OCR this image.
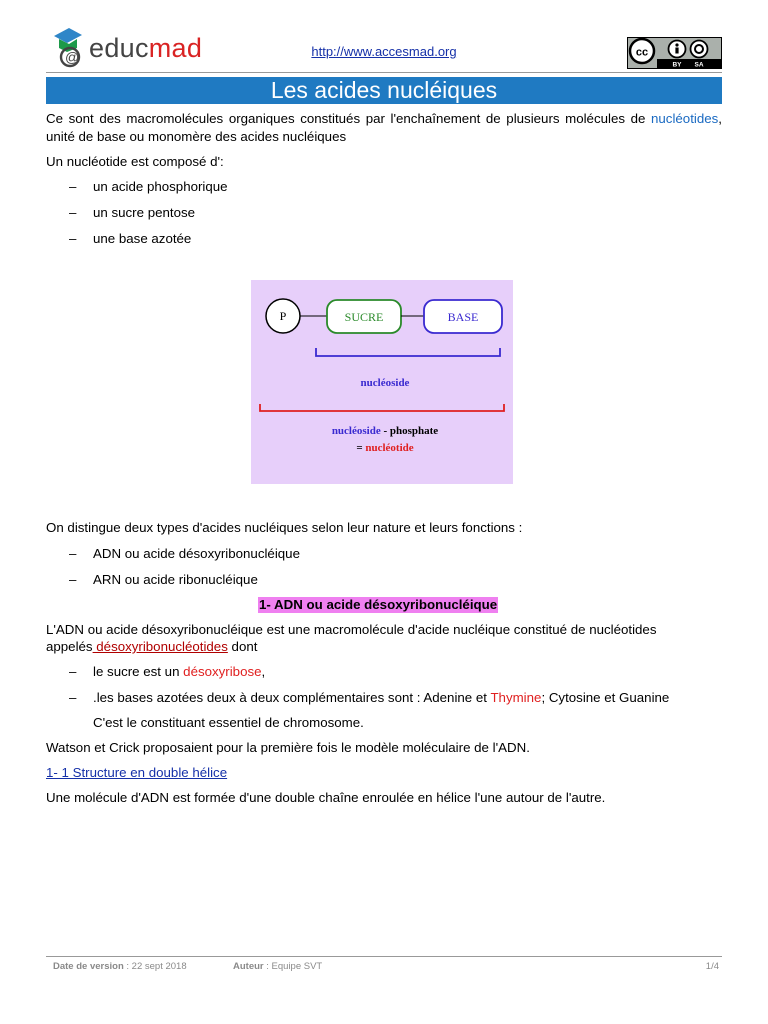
@ educmad	http://www.accesmad.org	cc
BY SA
Les acides nucléiques
Ce sont des macromolécules organiques constitués par l'enchaînement de plusieurs molécules de nucléotides, unité de base ou monomère des acides nucléiques
Un nucléotide est composé d':
– un acide phosphorique
– un sucre pentose
– une base azotée
P	SUCRE	BASE
nucléoside
nucléoside - phosphate
= nucléotide
On distingue deux types d'acides nucléiques selon leur nature et leurs fonctions :
– ADN ou acide désoxyribonucléique
– ARN ou acide ribonucléique
1- ADN ou acide désoxyribonucléique
L'ADN ou acide désoxyribonucléique est une macromolécule d'acide nucléique constitué de nucléotides
appelés désoxyribonucléotides dont
– le sucre est un désoxyribose,
– .les bases azotées deux à deux complémentaires sont : Adenine et Thymine; Cytosine et Guanine
C'est le constituant essentiel de chromosome.
Watson et Crick proposaient pour la première fois le modèle moléculaire de l'ADN.
1- 1 Structure en double hélice
Une molécule d'ADN est formée d'une double chaîne enroulée en hélice l'une autour de l'autre.
Date de version : 22 sept 2018	Auteur : Equipe SVT	1/4
